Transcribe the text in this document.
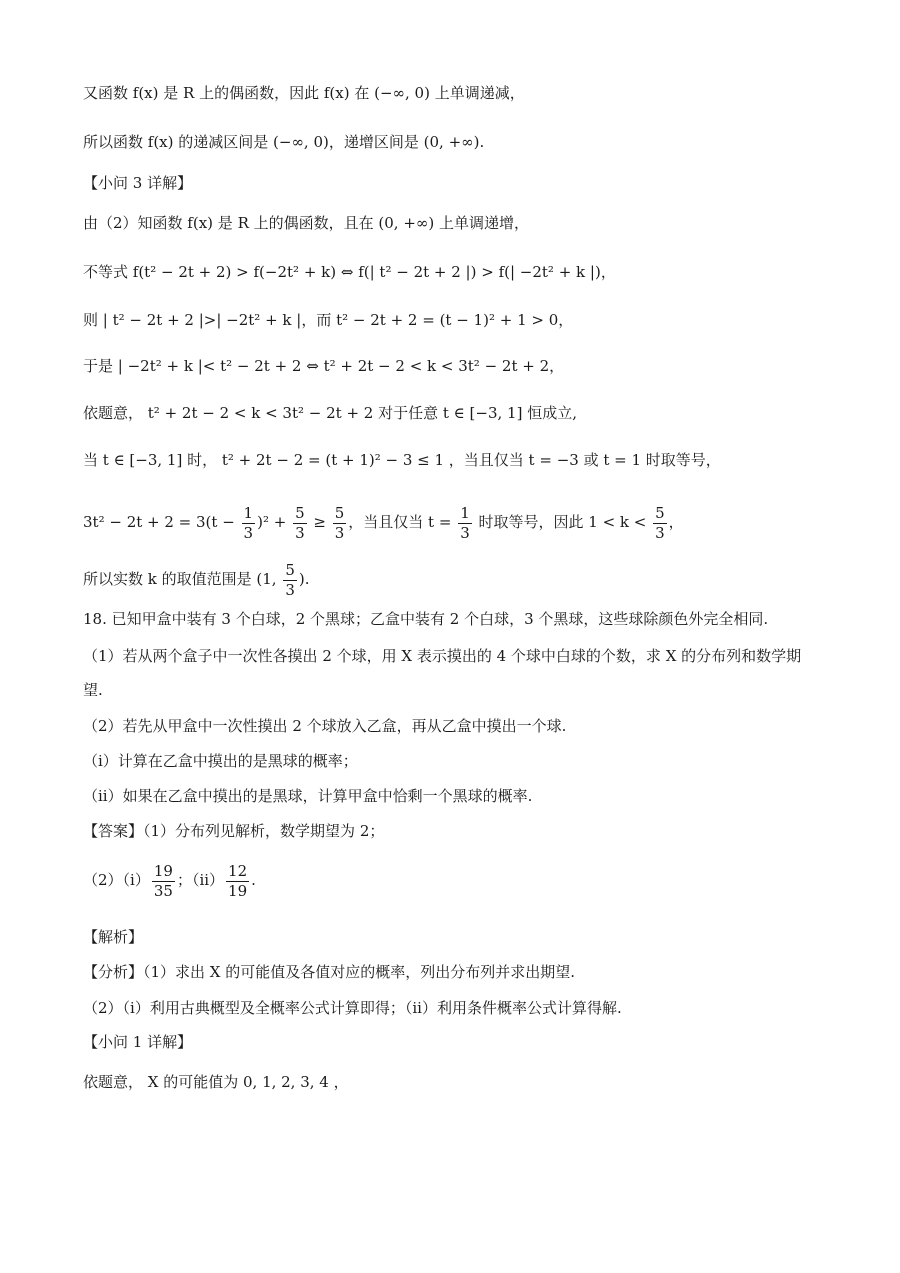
又函数 f(x) 是 R 上的偶函数，因此 f(x) 在 (−∞, 0) 上单调递减，
所以函数 f(x) 的递减区间是 (−∞, 0)，递增区间是 (0, +∞).
【小问 3 详解】
由（2）知函数 f(x) 是 R 上的偶函数，且在 (0, +∞) 上单调递增，
不等式 f(t² − 2t + 2) > f(−2t² + k) ⇔ f(| t² − 2t + 2 |) > f(| −2t² + k |)，
则 | t² − 2t + 2 |>| −2t² + k |，而 t² − 2t + 2 = (t − 1)² + 1 > 0，
于是 | −2t² + k |< t² − 2t + 2 ⇔ t² + 2t − 2 < k < 3t² − 2t + 2，
依题意， t² + 2t − 2 < k < 3t² − 2t + 2 对于任意 t ∈ [−3, 1] 恒成立,
当 t ∈ [−3, 1] 时， t² + 2t − 2 = (t + 1)² − 3 ≤ 1 ，当且仅当 t = −3 或 t = 1 时取等号，
$3t^2 - 2t + 2 = 3(t - \frac{1}{3} )^2 + \frac{5}{3} \ge \frac{5}{3}$ ，当且仅当 $t = \frac{1}{3}$ 时取等号，因此 $1 < k < \frac{5}{3}$ ，
所以实数 k 的取值范围是 (1, $\frac{5}{3}$ ).
18. 已知甲盒中装有 3 个白球，2 个黑球；乙盒中装有 2 个白球，3 个黑球，这些球除颜色外完全相同.
（1）若从两个盒子中一次性各摸出 2 个球，用 X 表示摸出的 4 个球中白球的个数，求 X 的分布列和数学期
望.
（2）若先从甲盒中一次性摸出 2 个球放入乙盒，再从乙盒中摸出一个球.
（i）计算在乙盒中摸出的是黑球的概率；
（ii）如果在乙盒中摸出的是黑球，计算甲盒中恰剩一个黑球的概率.
【答案】（1）分布列见解析，数学期望为 2；
$(2)(i) \frac{19}{35}$ ；$(ii) \frac{12}{19}$ .
【解析】
【分析】（1）求出 X 的可能值及各值对应的概率，列出分布列并求出期望.
（2）（i）利用古典概型及全概率公式计算即得；（ii）利用条件概率公式计算得解.
【小问 1 详解】
依题意， X 的可能值为 0, 1, 2, 3, 4 ，
